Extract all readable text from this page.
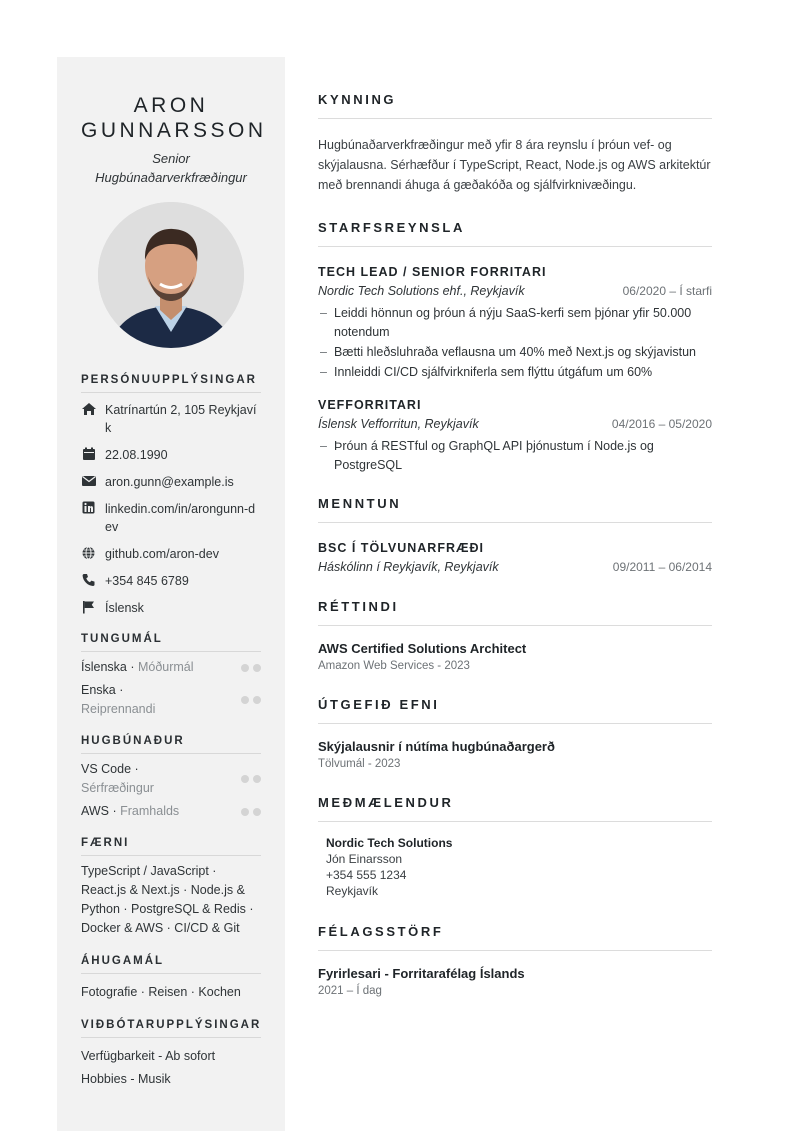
ARON
GUNNARSSON
Senior
Hugbúnaðarverkfræðingur
PERSÓNUUPPLÝSINGAR
Katrínartún 2, 105 Reykjavík
22.08.1990
aron.gunn@example.is
linkedin.com/in/arongunn-dev
github.com/aron-dev
+354 845 6789
Íslensk
TUNGUMÁL
Íslenska · Móðurmál
Enska · Reiprennandi
HUGBÚNAÐUR
VS Code · Sérfræðingur
AWS · Framhalds
FÆRNI
TypeScript / JavaScript · React.js & Next.js · Node.js & Python · PostgreSQL & Redis · Docker & AWS · CI/CD & Git
ÁHUGAMÁL
Fotografie · Reisen · Kochen
VIÐBÓTARUPPLÝSINGAR
Verfügbarkeit - Ab sofort
Hobbies - Musik
KYNNING
Hugbúnaðarverkfræðingur með yfir 8 ára reynslu í þróun vef- og skýjalausna. Sérhæfður í TypeScript, React, Node.js og AWS arkitektúr með brennandi áhuga á gæðakóða og sjálfvirknivæðingu.
STARFSREYNSLA
TECH LEAD / SENIOR FORRITARI
Nordic Tech Solutions ehf., Reykjavík	06/2020 – Í starfi
– Leiddi hönnun og þróun á nýju SaaS-kerfi sem þjónar yfir 50.000 notendum
– Bætti hleðsluhraða veflausna um 40% með Next.js og skýjavistun
– Innleiddi CI/CD sjálfvirkniferla sem flýttu útgáfum um 60%
VEFFORRITARI
Íslensk Vefforritun, Reykjavík	04/2016 – 05/2020
– Þróun á RESTful og GraphQL API þjónustum í Node.js og PostgreSQL
MENNTUN
BSC Í TÖLVUNARFRÆÐI
Háskólinn í Reykjavík, Reykjavík	09/2011 – 06/2014
RÉTTINDI
AWS Certified Solutions Architect
Amazon Web Services - 2023
ÚTGEFIÐ EFNI
Skýjalausnir í nútíma hugbúnaðargerð
Tölvumál - 2023
MEÐMÆLENDUR
Nordic Tech Solutions
Jón Einarsson
+354 555 1234
Reykjavík
FÉLAGSSTÖRF
Fyrirlesari - Forritarafélag Íslands
2021 – Í dag
